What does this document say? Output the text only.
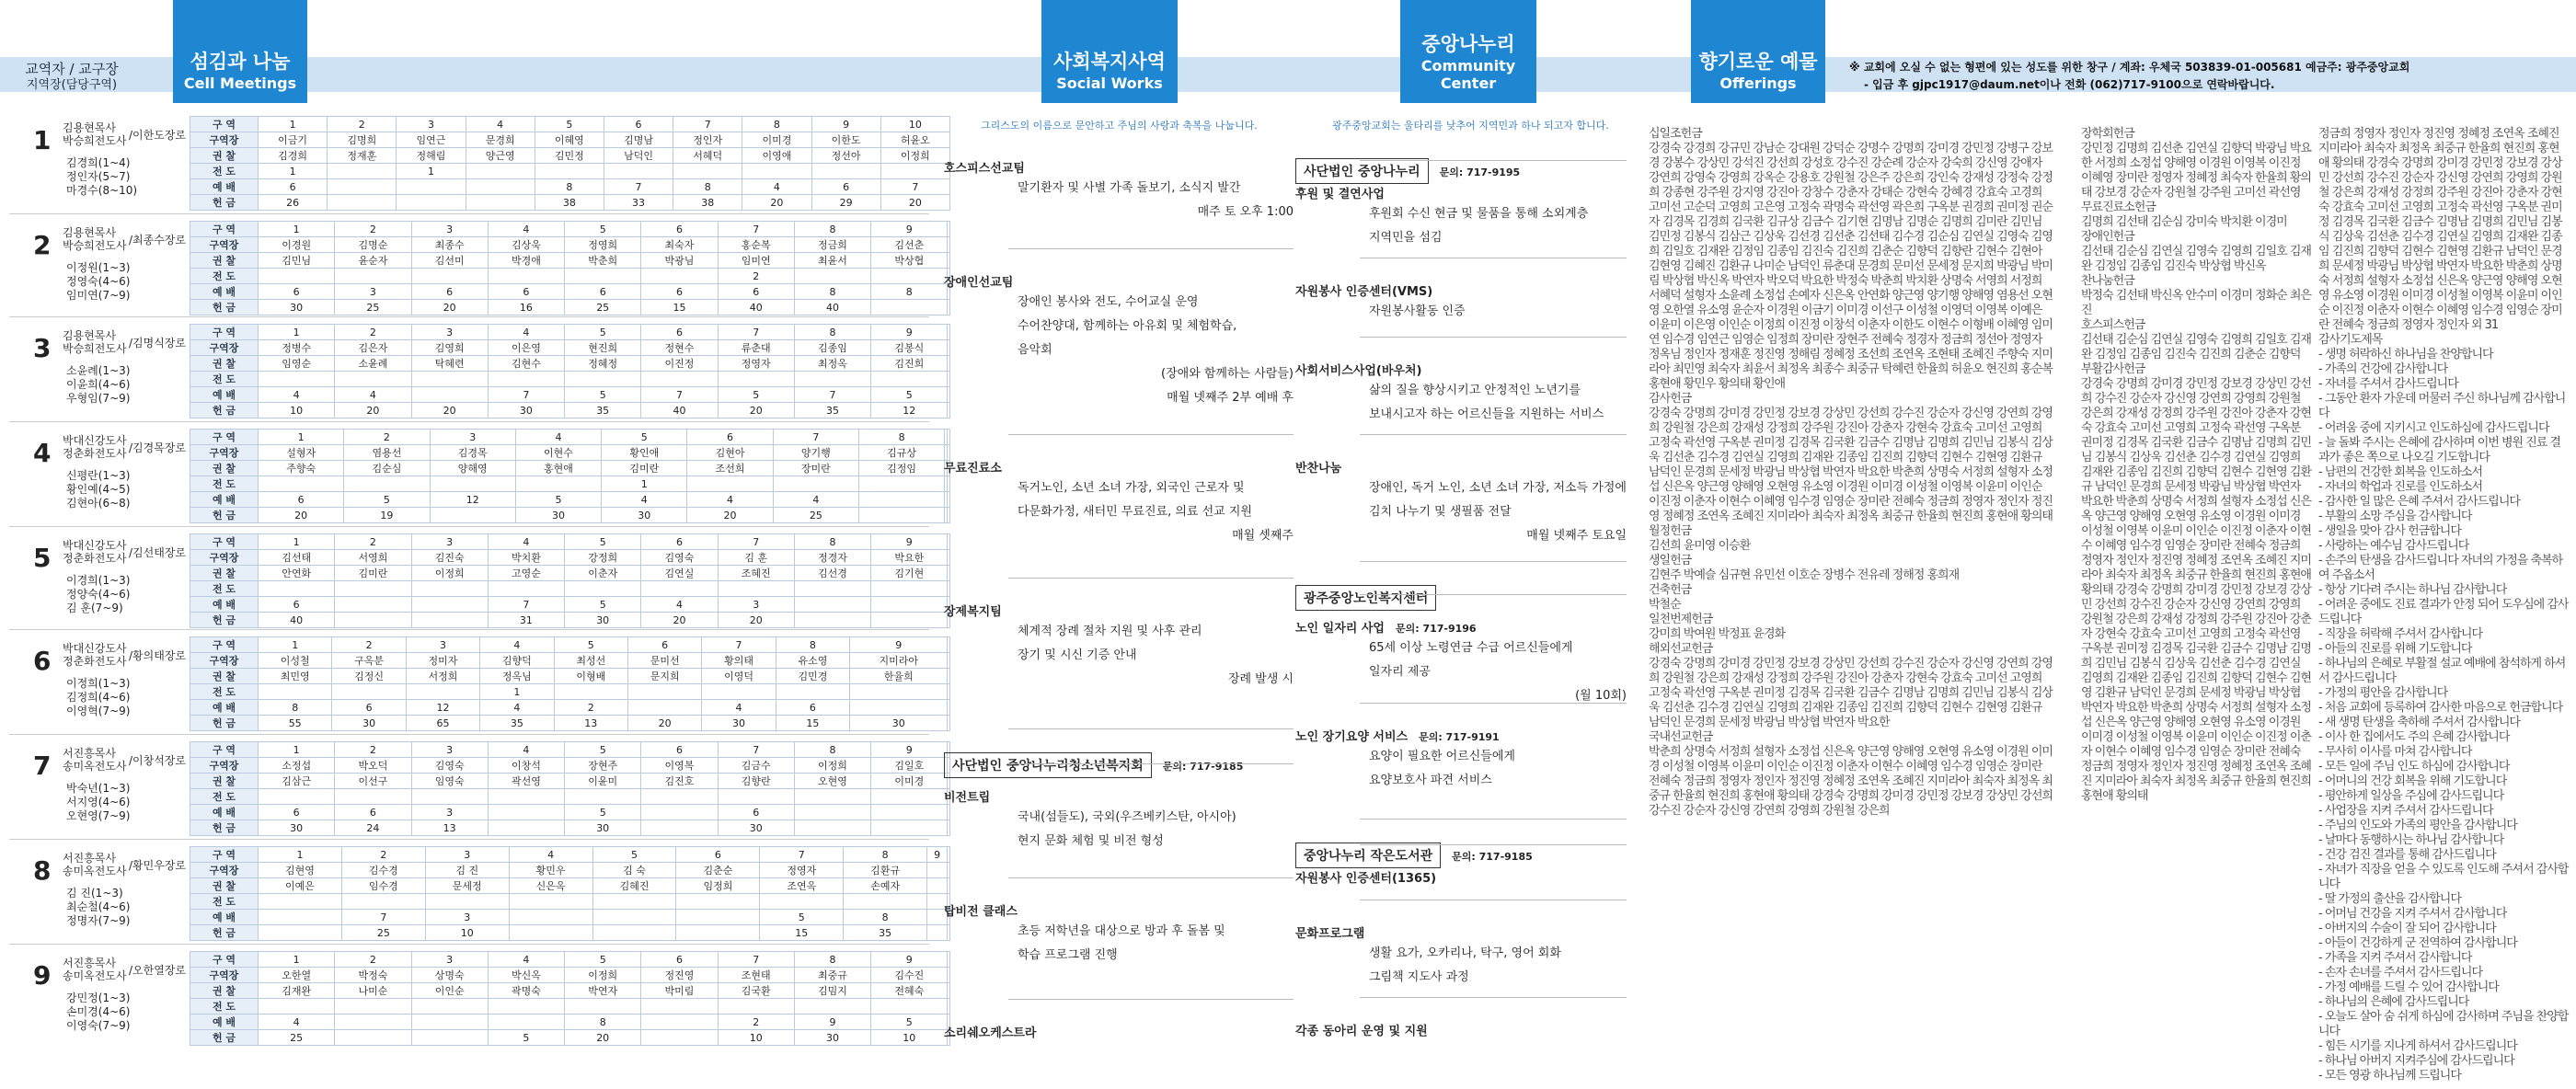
교역자 / 교구장
지역장(담당구역)
섬김과 나눔
Cell Meetings
사회복지사역
Social Works
중앙나누리
Community Center
향기로운 예물
Offerings
※ 교회에 오실 수 없는 형편에 있는 성도를 위한 창구 / 계좌: 우체국 503839-01-005681 예금주: 광주중앙교회
- 입금 후 gjpc1917@daum.net이나 전화 (062)717-9100으로 연락바랍니다.
1 김용현목사
박승희전도사 /이한도장로
김경희(1~4)
정인자(5~7)
마경수(8~10)
구 역	1	2	3	4	5	6	7	8	9	10
구역장	이금기	김명희	임연근	문경희	이혜영	김명남	정인자	이미경	이한도	허윤오
권 찰	김경희	정재훈	정해림	양근영	김민정	남덕인	서혜덕	이영애	정선아	이정희
전 도	1		1							
예 배	6				8	7	8	4	6	7
헌 금	26				38	33	38	20	29	20
2 김용현목사
박승희전도사 /최종수장로
이정원(1~3)
정영숙(4~6)
임미연(7~9)
구 역	1	2	3	4	5	6	7	8	9	
구역장	이경원	김명순	최종수	김상욱	정영희	최숙자	홍순복	정금희	김선춘	
권 찰	김민님	윤순자	김선미	박경애	박춘희	박광님	임미연	최윤서	박상협	
전 도							2			
예 배	6	3	6	6	6	6	6	8	8	
헌 금	30	25	20	16	25	15	40	40		
3 김용현목사
박승희전도사 /김명식장로
소윤례(1~3)
이윤희(4~6)
우형임(7~9)
구 역	1	2	3	4	5	6	7	8	9	
구역장	정병수	김은자	김영희	이은영	현진희	정현수	류춘대	김종임	김봉식	
권 찰	임영순	소윤례	탁혜련	김현수	정혜정	이진정	정영자	최정옥	김진희	
전 도										
예 배	4	4		7	5	7	5	7	5	
헌 금	10	20	20	30	35	40	20	35	12	
4 박대신강도사
정춘화전도사 /김경목장로
신평란(1~3)
황인예(4~5)
김현아(6~8)
구 역	1	2	3	4	5	6	7	8		
구역장	설형자	염용선	김경목	이현수	황인애	김현아	양기행	김규상		
권 찰	주향숙	김순심	양해영	홍현애	김미란	조선희	장미란	김정임		
전 도					1					
예 배	6	5	12	5	4	4	4			
헌 금	20	19		30	30	20	25			
5 박대신강도사
정춘화전도사 /김선태장로
이경희(1~3)
정양숙(4~6)
김 훈(7~9)
구 역	1	2	3	4	5	6	7	8	9	
구역장	김선태	서영희	김진숙	박치환	강정희	김영숙	김 훈	정경자	박요한	
권 찰	안연화	김미란	이정희	고영순	이춘자	김연실	조혜진	김선경	김기현	
전 도										
예 배	6			7	5	4	3			
헌 금	40			31	30	20	20			
6 박대신강도사
정춘화전도사 /황의태장로
이정희(1~3)
김정희(4~6)
이영혁(7~9)
구 역	1	2	3	4	5	6	7	8	9	
구역장	이성철	구옥분	정미자	김향덕	최성선	문미선	황의태	유소영	지미라아	
권 찰	최민영	김정신	서정희	정옥님	이형배	문지희	이영덕	김민경	한율희	
전 도				1						
예 배	8	6	12	4	2		4	6		
헌 금	55	30	65	35	13	20	30	15	30	
7 서진흥목사
송미옥전도사 /이창석장로
박숙년(1~3)
서지영(4~6)
오현영(7~9)
구 역	1	2	3	4	5	6	7	8	9	
구역장	소정섭	박오덕	김영숙	이창석	장현주	이영복	김금수	이정희	김일호	
권 찰	김삼근	이선구	임영숙	곽선영	이윤미	김진호	김향란	오현영	이미경	
전 도										
예 배	6	6	3		5		6			
헌 금	30	24	13		30		30			
8 서진흥목사
송미옥전도사 /황민우장로
김 진(1~3)
최순철(4~6)
정명자(7~9)
구 역	1	2	3	4	5	6	7	8	9	
구역장	김현영	김수경	김 진	황민우	김 숙	김춘순	정영자	김환규		
권 찰	이예은	임수경	문세정	신은옥	김혜진	임정희	조연옥	손예자		
전 도										
예 배		7	3				5	8		
헌 금		25	10				15	35		
9 서진흥목사
송미옥전도사 /오한열장로
강민정(1~3)
손미경(4~6)
이영숙(7~9)
구 역	1	2	3	4	5	6	7	8	9	
구역장	오한열	박정숙	상명숙	박신옥	이정희	정진영	조현태	최중규	김수진	
권 찰	김재완	나미순	이인순	곽명숙	박연자	박미림	김국환	김밈지	전혜숙	
전 도										
예 배	4				8		2	9	5	
헌 금	25			5	20		10	30	10	
그리스도의 이름으로 문안하고 주님의 사랑과 축복을 나눕니다.
호스피스선교팀
말기환자 및 사별 가족 돌보기, 소식지 발간
매주 토 오후 1:00
장애인선교팀
장애인 봉사와 전도, 수어교실 운영
수어찬양대, 함께하는 아유회 및 체험학습,
음악회
(장애와 함께하는 사람들)
매월 넷째주 2부 예배 후
무료진료소
독거노인, 소년 소녀 가장, 외국인 근로자 및
다문화가정, 새터민 무료진료, 의료 선교 지원
매월 셋째주
장제복지팀
체계적 장례 절차 지원 및 사후 관리
장기 및 시신 기증 안내
장례 발생 시
사단법인 중앙나누리청소년복지회 문의: 717-9185
비전트립
국내(섬들도), 국외(우즈베키스탄, 아시아)
현지 문화 체험 및 비전 형성
탑비전 클래스
초등 저학년을 대상으로 방과 후 돌봄 및
학습 프로그램 진행
소리쉐오케스트라
광주중앙교회는 울타리를 낮추어 지역민과 하나 되고자 합니다.
사단법인 중앙나누리 문의: 717-9195
후원 및 결연사업
후원회 수신 현금 및 물품을 통해 소외계층
지역민을 섬김
자원봉사 인증센터(VMS)
자원봉사활동 인증
사회서비스사업(바우처)
삶의 질을 향상시키고 안정적인 노년기를
보내시고자 하는 어르신들을 지원하는 서비스
반찬나눔
장애인, 독거 노인, 소년 소녀 가장, 저소득 가정에
김치 나누기 및 생필품 전달
매월 넷째주 토요일
광주중앙노인복지센터
노인 일자리 사업 문의: 717-9196
65세 이상 노령연금 수급 어르신들에게
일자리 제공
(월 10회)
노인 장기요양 서비스 문의: 717-9191
요양이 필요한 어르신들에게
요양보호사 파견 서비스
중앙나누리 작은도서관 문의: 717-9185
자원봉사 인증센터(1365)
문화프로그램
생활 요가, 오카리나, 탁구, 영어 회화
그림책 지도사 과정
각종 동아리 운영 및 지원
십일조헌금
강경숙 강경희 강규민 강남순 강대원 강덕순 강명수 강명희 강미경 강민정 강병구 강보경 강봉수 강상민 강석진 강선희 강성호 강수진 강순례 강순자 강숙희 강신영 강애자 강연희 강영숙 강영희 강옥순 강용호 강원철 강은주 강은희 강인숙 강재성 강정숙 강정희 강종현 강주원 강지영 강진아 강창수 강춘자 강태순 강현숙 강혜경 강효숙 고경희 고미선 고순덕 고영희 고은영 고정숙 곽명숙 곽선영 곽은희 구옥분 권경희 권미정 권순자 김경목 김경희 김국환 김규상 김금수 김기현 김명남 김명순 김명희 김미란 김민님 김민정 김봉식 김삼근 김상욱 김선경 김선춘 김선태 김수경 김순심 김연실 김영숙 김영희 김일호 김재완 김정임 김종임 김진숙 김진희 김춘순 김향덕 김향란 김현수 김현아 김현영 김혜진 김환규 나미순 남덕인 류춘대 문경희 문미선 문세정 문지희 박광님 박미림 박상협 박신옥 박연자 박오덕 박요한 박정숙 박춘희 박치환 상명숙 서영희 서정희 서혜덕 설형자 소윤례 소정섭 손예자 신은옥 안연화 양근영 양기행 양해영 염용선 오현영 오한열 유소영 윤순자 이경원 이금기 이미경 이선구 이성철 이영덕 이영복 이예은 이윤미 이은영 이인순 이정희 이진정 이창석 이춘자 이한도 이현수 이형배 이혜영 임미연 임수경 임연근 임영순 임정희 장미란 장현주 전혜숙 정경자 정금희 정선아 정영자 정옥님 정인자 정재훈 정진영 정해림 정혜정 조선희 조연옥 조현태 조혜진 주향숙 지미라아 최민영 최숙자 최윤서 최정옥 최종수 최중규 탁혜련 한율희 허윤오 현진희 홍순복 홍현애 황민우 황의태 황인애
감사헌금
강경숙 강명희 강미경 강민정 강보경 강상민 강선희 강수진 강순자 강신영 강연희 강영희 강원철 강은희 강재성 강정희 강주원 강진아 강춘자 강현숙 강효숙 고미선 고영희 고정숙 곽선영 구옥분 권미정 김경목 김국환 김금수 김명남 김명희 김민님 김봉식 김상욱 김선춘 김수경 김연실 김영희 김재완 김종임 김진희 김향덕 김현수 김현영 김환규 남덕인 문경희 문세정 박광님 박상협 박연자 박요한 박춘희 상명숙 서정희 설형자 소정섭 신은옥 양근영 양해영 오현영 유소영 이경원 이미경 이성철 이영복 이윤미 이인순 이진정 이춘자 이현수 이혜영 임수경 임영순 장미란 전혜숙 정금희 정영자 정인자 정진영 정혜정 조연옥 조혜진 지미라아 최숙자 최정옥 최중규 한율희 현진희 홍현애 황의태
월정헌금
김선희 윤미영 이승환
생일헌금
김현주 박예슬 심규현 유민선 이호순 장병수 전유레 정해정 홍희재
건축헌금
박철순
일천번제헌금
강미희 박여원 박정표 윤경화
해외선교헌금
강경숙 강명희 강미경 강민정 강보경 강상민 강선희 강수진 강순자 강신영 강연희 강영희 강원철 강은희 강재성 강정희 강주원 강진아 강춘자 강현숙 강효숙 고미선 고영희 고정숙 곽선영 구옥분 권미정 김경목 김국환 김금수 김명남 김명희 김민님 김봉식 김상욱 김선춘 김수경 김연실 김영희 김재완 김종임 김진희 김향덕 김현수 김현영 김환규 남덕인 문경희 문세정 박광님 박상협 박연자 박요한
국내선교헌금
박춘희 상명숙 서정희 설형자 소정섭 신은옥 양근영 양해영 오현영 유소영 이경원 이미경 이성철 이영복 이윤미 이인순 이진정 이춘자 이현수 이혜영 임수경 임영순 장미란 전혜숙 정금희 정영자 정인자 정진영 정혜정 조연옥 조혜진 지미라아 최숙자 최정옥 최중규 한율희 현진희 홍현애 황의태 강경숙 강명희 강미경 강민정 강보경 강상민 강선희 강수진 강순자 강신영 강연희 강영희 강원철 강은희
장학회헌금
강민정 김명희 김선춘 김연실 김향덕 박광님 박요한 서정희 소정섭 양해영 이경원 이영복 이진정 이혜영 장미란 정영자 정혜정 최숙자 한율희 황의태 강보경 강순자 강원철 강주원 고미선 곽선영
무료진료소헌금
김명희 김선태 김순심 강미숙 박치환 이경미
장애인헌금
김선태 김순심 김연실 김영숙 김영희 김일호 김재완 김정임 김종임 김진숙 박상협 박신옥
찬나눔헌금
박정숙 김선태 박신옥 안수미 이경미 정화순 최은진
호스피스헌금
김선태 김순심 김연실 김영숙 김영희 김일호 김재완 김정임 김종임 김진숙 김진희 김춘순 김향덕
부활감사헌금
강경숙 강명희 강미경 강민정 강보경 강상민 강선희 강수진 강순자 강신영 강연희 강영희 강원철 강은희 강재성 강정희 강주원 강진아 강춘자 강현숙 강효숙 고미선 고영희 고정숙 곽선영 구옥분 권미정 김경목 김국환 김금수 김명남 김명희 김민님 김봉식 김상욱 김선춘 김수경 김연실 김영희 김재완 김종임 김진희 김향덕 김현수 김현영 김환규 남덕인 문경희 문세정 박광님 박상협 박연자 박요한 박춘희 상명숙 서정희 설형자 소정섭 신은옥 양근영 양해영 오현영 유소영 이경원 이미경 이성철 이영복 이윤미 이인순 이진정 이춘자 이현수 이혜영 임수경 임영순 장미란 전혜숙 정금희 정영자 정인자 정진영 정혜정 조연옥 조혜진 지미라아 최숙자 최정옥 최중규 한율희 현진희 홍현애 황의태 강경숙 강명희 강미경 강민정 강보경 강상민 강선희 강수진 강순자 강신영 강연희 강영희 강원철 강은희 강재성 강정희 강주원 강진아 강춘자 강현숙 강효숙 고미선 고영희 고정숙 곽선영 구옥분 권미정 김경목 김국환 김금수 김명남 김명희 김민님 김봉식 김상욱 김선춘 김수경 김연실 김영희 김재완 김종임 김진희 김향덕 김현수 김현영 김환규 남덕인 문경희 문세정 박광님 박상협 박연자 박요한 박춘희 상명숙 서정희 설형자 소정섭 신은옥 양근영 양해영 오현영 유소영 이경원 이미경 이성철 이영복 이윤미 이인순 이진정 이춘자 이현수 이혜영 임수경 임영순 장미란 전혜숙 정금희 정영자 정인자 정진영 정혜정 조연옥 조혜진 지미라아 최숙자 최정옥 최중규 한율희 현진희 홍현애 황의태
정금희 정영자 정인자 정진영 정혜정 조연옥 조혜진 지미라아 최숙자 최정옥 최중규 한율희 현진희 홍현애 황의태 강경숙 강명희 강미경 강민정 강보경 강상민 강선희 강수진 강순자 강신영 강연희 강영희 강원철 강은희 강재성 강정희 강주원 강진아 강춘자 강현숙 강효숙 고미선 고영희 고정숙 곽선영 구옥분 권미정 김경목 김국환 김금수 김명남 김명희 김민님 김봉식 김상욱 김선춘 김수경 김연실 김영희 김재완 김종임 김진희 김향덕 김현수 김현영 김환규 남덕인 문경희 문세정 박광님 박상협 박연자 박요한 박춘희 상명숙 서정희 설형자 소정섭 신은옥 양근영 양해영 오현영 유소영 이경원 이미경 이성철 이영복 이윤미 이인순 이진정 이춘자 이현수 이혜영 임수경 임영순 장미란 전혜숙 정금희 정영자 정인자 외 31
감사기도제목
- 생명 허락하신 하나님을 찬양합니다
- 가족의 건강에 감사합니다
- 자녀를 주셔서 감사드립니다
- 그동안 환자 가운데 머물러 주신 하나님께 감사합니다
- 어려움 중에 지키시고 인도하심에 감사드립니다
- 늘 돌봐 주시는 은혜에 감사하며 이번 병원 진료 결과가 좋은 쪽으로 나오길 기도합니다
- 남편의 건강한 회복을 인도하소서
- 자녀의 학업과 진로를 인도하소서
- 감사한 일 많은 은혜 주셔서 감사드립니다
- 부활의 소망 주심을 감사합니다
- 생일을 맞아 감사 헌금합니다
- 사랑하는 예수님 감사드립니다
- 손주의 탄생을 감사드립니다 자녀의 가정을 축복하여 주옵소서
- 항상 기다려 주시는 하나님 감사합니다
- 어려운 중에도 진료 결과가 안정 되어 도우심에 감사드립니다
- 직장을 허락해 주셔서 감사합니다
- 아들의 진로를 위해 기도합니다
- 하나님의 은혜로 부활절 설교 예배에 참석하게 하셔서 감사드립니다
- 가정의 평안을 감사합니다
- 처음 교회에 등록하여 감사한 마음으로 헌금합니다
- 새 생명 탄생을 축하해 주셔서 감사합니다
- 이사 한 집에서도 주의 은혜 감사합니다
- 무사히 이사를 마쳐 감사합니다
- 모든 일에 주님 인도 하심에 감사합니다
- 어머니의 건강 회복을 위해 기도합니다
- 평안하게 일상을 주심에 감사드립니다
- 사업장을 지켜 주셔서 감사드립니다
- 주님의 인도와 가족의 평안을 감사합니다
- 날마다 동행하시는 하나님 감사합니다
- 건강 검진 결과를 통해 감사드립니다
- 자녀가 직장을 얻을 수 있도록 인도해 주셔서 감사합니다
- 딸 가정의 출산을 감사합니다
- 어머님 건강을 지켜 주셔서 감사합니다
- 아버지의 수술이 잘 되어 감사합니다
- 아들이 건강하게 군 전역하여 감사합니다
- 가족을 지켜 주셔서 감사합니다
- 손자 손녀를 주셔서 감사드립니다
- 가정 예배를 드릴 수 있어 감사합니다
- 하나님의 은혜에 감사드립니다
- 오늘도 살아 숨 쉬게 하심에 감사하며 주님을 찬양합니다
- 힘든 시기를 지나게 하셔서 감사드립니다
- 하나님 아버지 지켜주심에 감사드립니다
- 모든 영광 하나님께 드립니다
